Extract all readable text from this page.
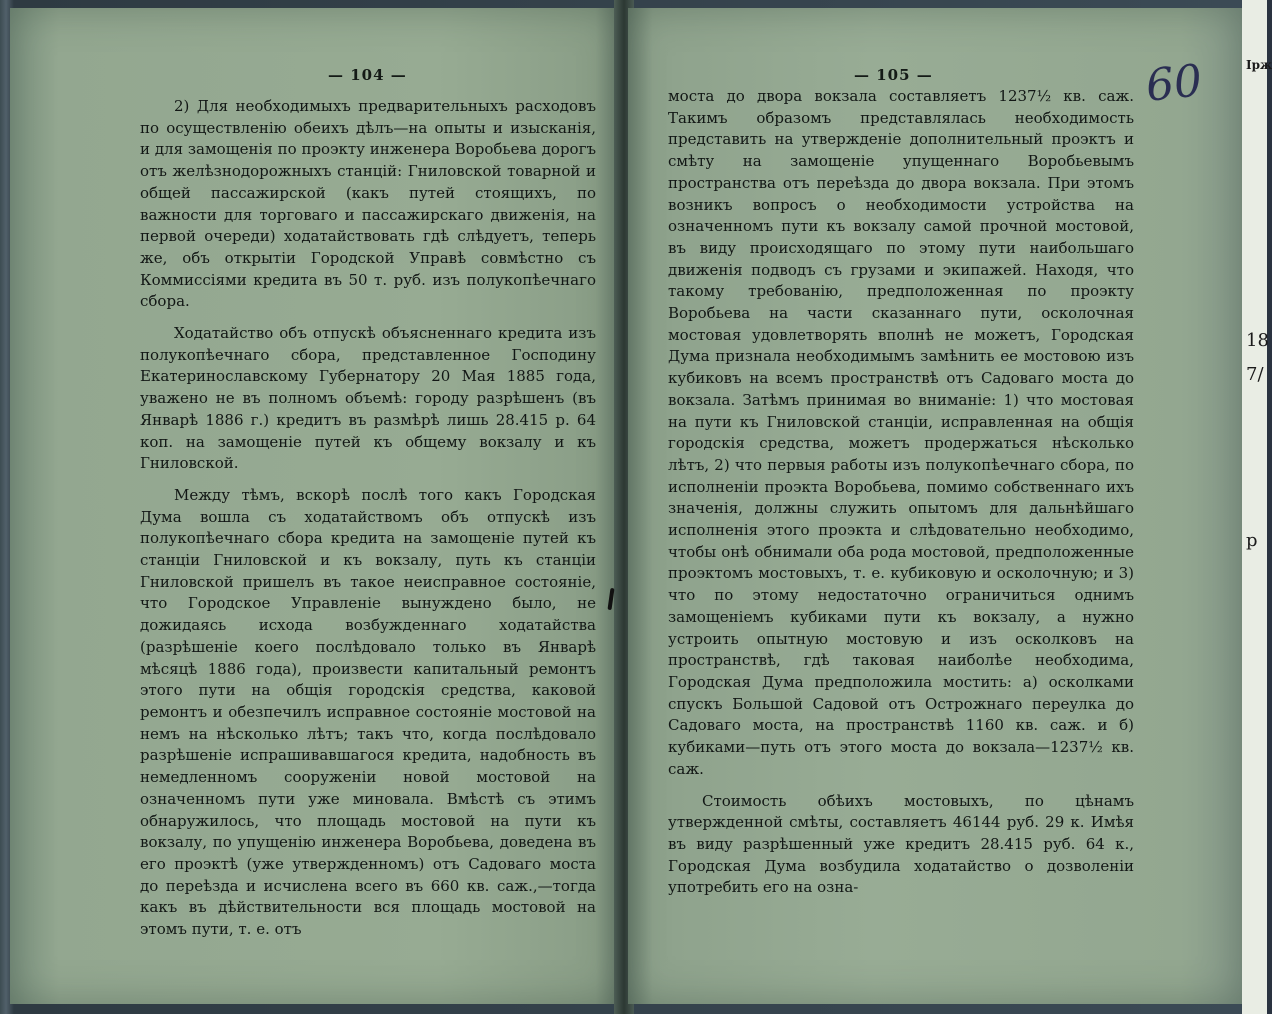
— 104 —

2) Для необходимыхъ предварительныхъ расходовъ по осуществленію обеихъ дѣлъ—на опыты и изысканія, и для замощенія по проэкту инженера Воробьева дорогъ отъ желѣзнодорожныхъ станцій: Гниловской товарной и общей пассажирской (какъ путей стоящихъ, по важности для торговаго и пассажирскаго движенія, на первой очереди) ходатайствовать гдѣ слѣдуетъ, теперь же, объ открытіи Городской Управѣ совмѣстно съ Коммиссіями кредита въ 50 т. руб. изъ полукопѣечнаго сбора.

Ходатайство объ отпускѣ объясненнаго кредита изъ полукопѣечнаго сбора, представленное Господину Екатеринославскому Губернатору 20 Мая 1885 года, уважено не въ полномъ объемѣ: городу разрѣшенъ (въ Январѣ 1886 г.) кредитъ въ размѣрѣ лишь 28.415 р. 64 коп. на замощеніе путей къ общему вокзалу и къ Гниловской.

Между тѣмъ, вскорѣ послѣ того какъ Городская Дума вошла съ ходатайствомъ объ отпускѣ изъ полукопѣечнаго сбора кредита на замощеніе путей къ станціи Гниловской и къ вокзалу, путь къ станціи Гниловской пришелъ въ такое неисправное состояніе, что Городское Управленіе вынуждено было, не дожидаясь исхода возбужденнаго ходатайства (разрѣшеніе коего послѣдовало только въ Январѣ мѣсяцѣ 1886 года), произвести капитальный ремонтъ этого пути на общія городскія средства, каковой ремонтъ и обезпечилъ исправное состояніе мостовой на немъ на нѣсколько лѣтъ; такъ что, когда послѣдовало разрѣшеніе испрашивавшагося кредита, надобность въ немедленномъ сооруженіи новой мостовой на означенномъ пути уже миновала. Вмѣстѣ съ этимъ обнаружилось, что площадь мостовой на пути къ вокзалу, по упущенію инженера Воробьева, доведена въ его проэктѣ (уже утвержденномъ) отъ Садоваго моста до переѣзда и исчислена всего въ 660 кв. саж.,—тогда какъ въ дѣйствительности вся площадь мостовой на этомъ пути, т. е. отъ

— 105 —

моста до двора вокзала составляетъ 1237½ кв. саж. Такимъ образомъ представлялась необходимость представить на утвержденіе дополнительный проэктъ и смѣту на замощеніе упущеннаго Воробьевымъ пространства отъ переѣзда до двора вокзала. При этомъ возникъ вопросъ о необходимости устройства на означенномъ пути къ вокзалу самой прочной мостовой, въ виду происходящаго по этому пути наибольшаго движенія подводъ съ грузами и экипажей. Находя, что такому требованію, предположенная по проэкту Воробьева на части сказаннаго пути, осколочная мостовая удовлетворять вполнѣ не можетъ, Городская Дума признала необходимымъ замѣнить ее мостовою изъ кубиковъ на всемъ пространствѣ отъ Садоваго моста до вокзала. Затѣмъ принимая во вниманіе: 1) что мостовая на пути къ Гниловской станціи, исправленная на общія городскія средства, можетъ продержаться нѣсколько лѣтъ, 2) что первыя работы изъ полукопѣечнаго сбора, по исполненіи проэкта Воробьева, помимо собственнаго ихъ значенія, должны служить опытомъ для дальнѣйшаго исполненія этого проэкта и слѣдовательно необходимо, чтобы онѣ обнимали оба рода мостовой, предположенные проэктомъ мостовыхъ, т. е. кубиковую и осколочную; и 3) что по этому недостаточно ограничиться однимъ замощеніемъ кубиками пути къ вокзалу, а нужно устроить опытную мостовую и изъ осколковъ на пространствѣ, гдѣ таковая наиболѣе необходима, Городская Дума предположила мостить: а) осколками спускъ Большой Садовой отъ Острожнаго переулка до Садоваго моста, на пространствѣ 1160 кв. саж. и б) кубиками—путь отъ этого моста до вокзала—1237½ кв. саж.

Стоимость обѣихъ мостовыхъ, по цѣнамъ утвержденной смѣты, составляетъ 46144 руб. 29 к. Имѣя въ виду разрѣшенный уже кредитъ 28.415 руб. 64 к., Городская Дума возбудила ходатайство о дозволеніи употребить его на озна-

60	Ірж
18
7/
р
